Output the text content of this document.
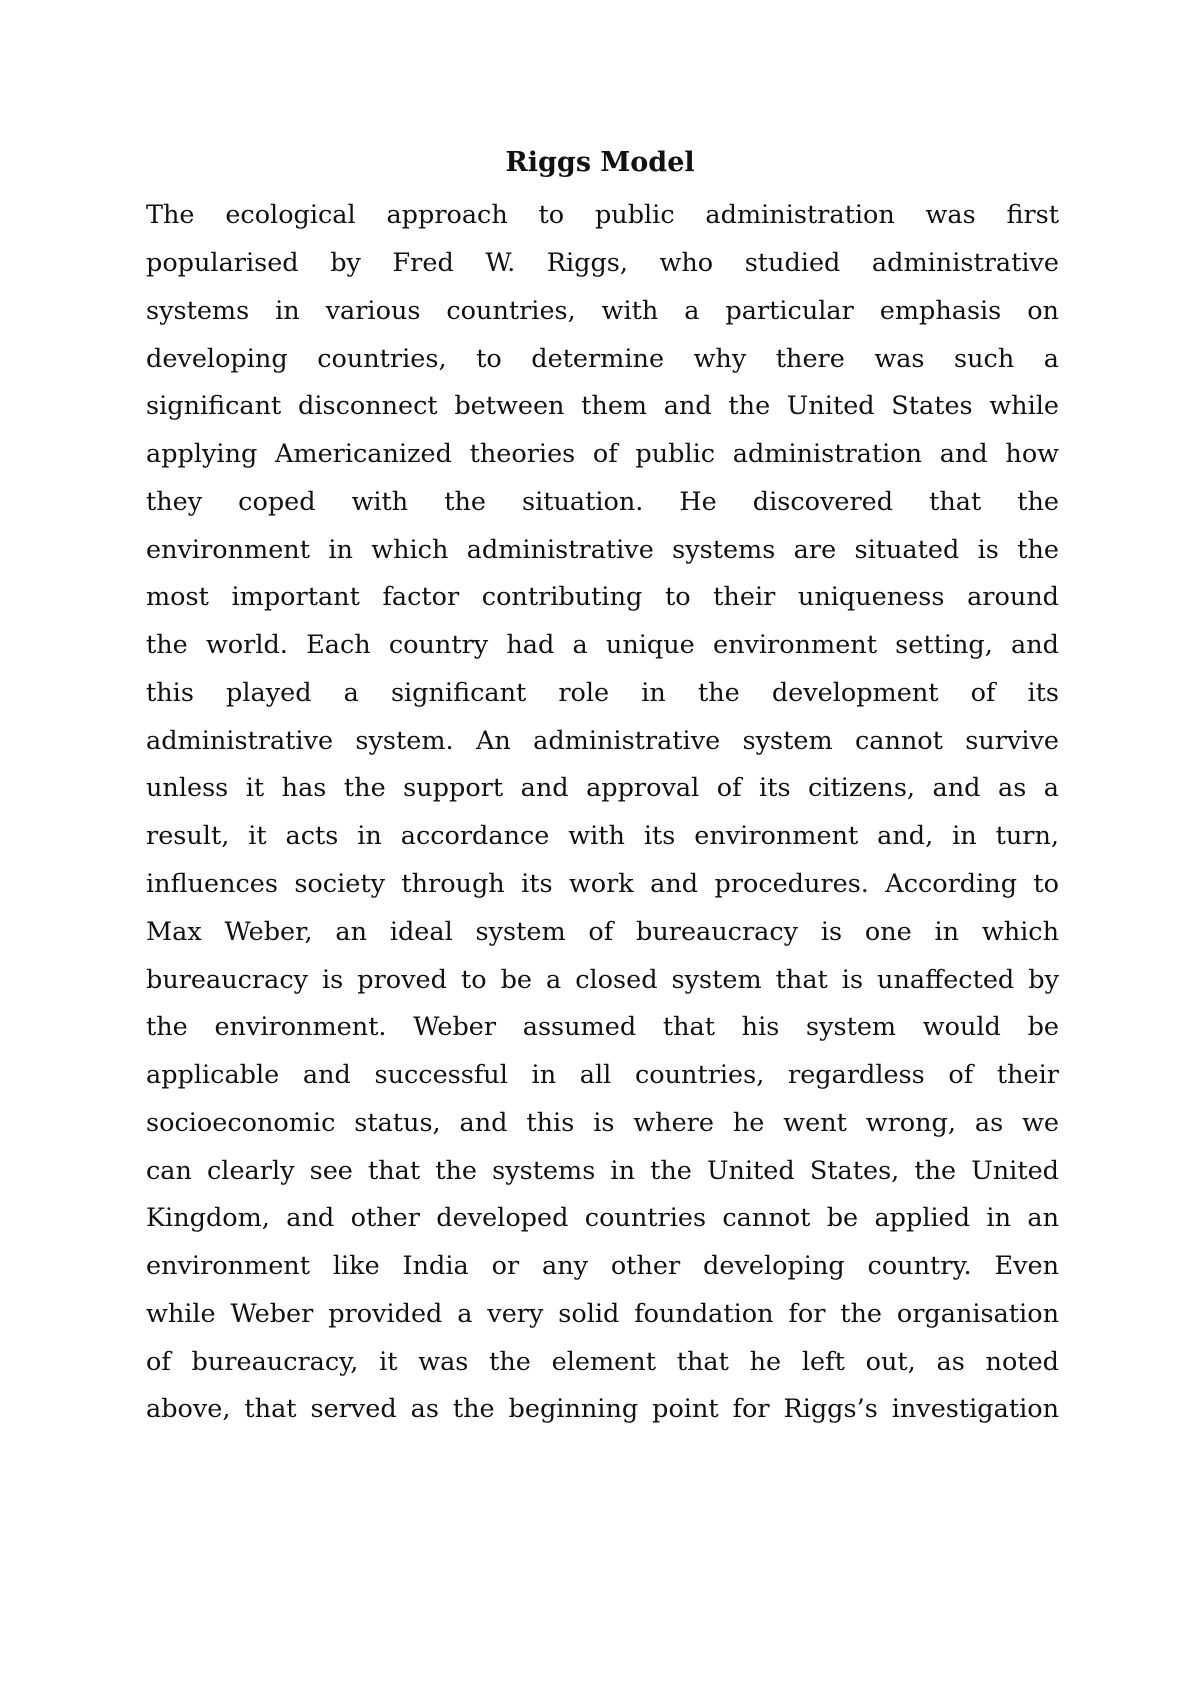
Riggs Model
The ecological approach to public administration was first
popularised by Fred W. Riggs, who studied administrative
systems in various countries, with a particular emphasis on
developing countries, to determine why there was such a
significant disconnect between them and the United States while
applying Americanized theories of public administration and how
they coped with the situation. He discovered that the
environment in which administrative systems are situated is the
most important factor contributing to their uniqueness around
the world. Each country had a unique environment setting, and
this played a significant role in the development of its
administrative system. An administrative system cannot survive
unless it has the support and approval of its citizens, and as a
result, it acts in accordance with its environment and, in turn,
influences society through its work and procedures. According to
Max Weber, an ideal system of bureaucracy is one in which
bureaucracy is proved to be a closed system that is unaffected by
the environment. Weber assumed that his system would be
applicable and successful in all countries, regardless of their
socioeconomic status, and this is where he went wrong, as we
can clearly see that the systems in the United States, the United
Kingdom, and other developed countries cannot be applied in an
environment like India or any other developing country. Even
while Weber provided a very solid foundation for the organisation
of bureaucracy, it was the element that he left out, as noted
above, that served as the beginning point for Riggs’s investigation
